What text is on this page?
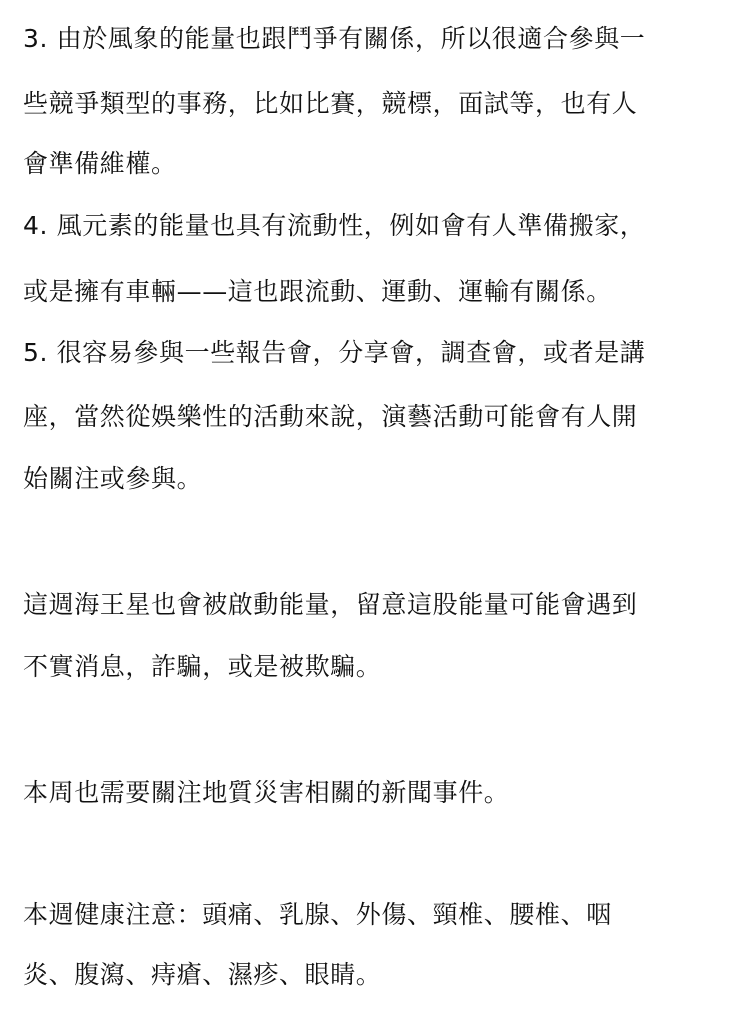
3. 由於風象的能量也跟鬥爭有關係，所以很適合參與一
些競爭類型的事務，比如比賽，競標，面試等，也有人
會準備維權。
4. 風元素的能量也具有流動性，例如會有人準備搬家，
或是擁有車輛——這也跟流動、運動、運輸有關係。
5. 很容易參與一些報告會，分享會，調查會，或者是講
座，當然從娛樂性的活動來說，演藝活動可能會有人開
始關注或參與。
這週海王星也會被啟動能量，留意這股能量可能會遇到
不實消息，詐騙，或是被欺騙。
本周也需要關注地質災害相關的新聞事件。
本週健康注意：頭痛、乳腺、外傷、頸椎、腰椎、咽
炎、腹瀉、痔瘡、濕疹、眼睛。
